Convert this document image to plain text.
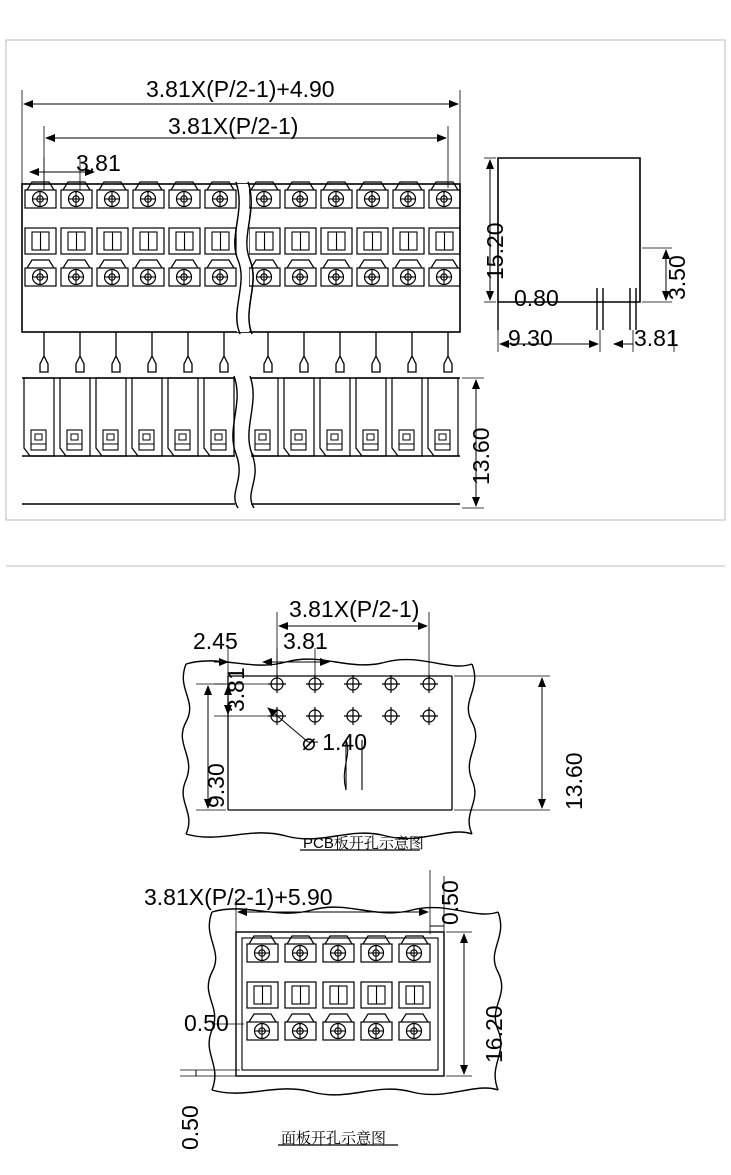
3.81X(P/2-1)+4.90
3.81X(P/2-1)
3.81
15.20	3.50
0.80
9.30	3.81
13.60
3.81X(P/2-1)
2.45 3.81
3.81
9.30
⌀ 1.40
13.60
PCB板开孔示意图
3.81X(P/2-1)+5.90	0.50
0.50	16.20
0.50	面板开孔示意图
